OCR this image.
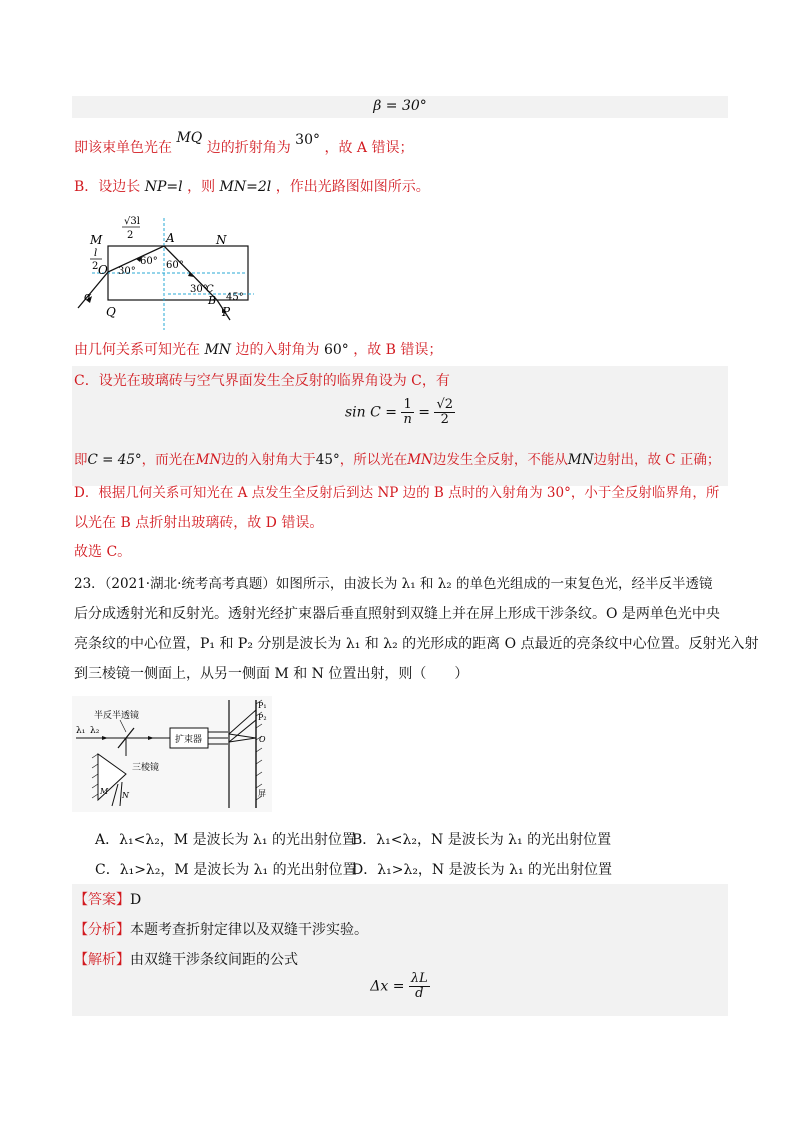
β = 30°
即该束单色光在 MQ 边的折射角为 30° ，故 A 错误；
B．设边长 NP=l ，则 MN=2l ，作出光路图如图所示。
M	N
Q	P
A
B
C
O
α
√3l
2
l
2 30°
60° 60°
30°
45°
由几何关系可知光在 MN 边的入射角为 60° ，故 B 错误；
C．设光在玻璃砖与空气界面发生全反射的临界角设为 C，有
$\sin C = \frac{1}{n} = \frac{√2}{2}$
即C = 45°，而光在MN边的入射角大于45°，所以光在MN边发生全反射，不能从MN边射出，故 C 正确；
D．根据几何关系可知光在 A 点发生全反射后到达 NP 边的 B 点时的入射角为 30°，小于全反射临界角，所
以光在 B 点折射出玻璃砖，故 D 错误。
故选 C。
23．（2021·湖北·统考高考真题）如图所示，由波长为 λ₁ 和 λ₂ 的单色光组成的一束复色光，经半反半透镜
后分成透射光和反射光。透射光经扩束器后垂直照射到双缝上并在屏上形成干涉条纹。O 是两单色光中央
亮条纹的中心位置，P₁ 和 P₂ 分别是波长为 λ₁ 和 λ₂ 的光形成的距离 O 点最近的亮条纹中心位置。反射光入射
到三棱镜一侧面上，从另一侧面 M 和 N 位置出射，则（　　）
λ₁ λ₂
半反半透镜
扩束器
P₁
P₂
O
屏
三棱镜
M N
A．λ₁<λ₂，M 是波长为 λ₁ 的光出射位置
B．λ₁<λ₂，N 是波长为 λ₁ 的光出射位置
C．λ₁>λ₂，M 是波长为 λ₁ 的光出射位置
D．λ₁>λ₂，N 是波长为 λ₁ 的光出射位置
【答案】D
【分析】本题考查折射定律以及双缝干涉实验。
【解析】由双缝干涉条纹间距的公式
$\Delta x = \frac{\lambda L}{d}$
